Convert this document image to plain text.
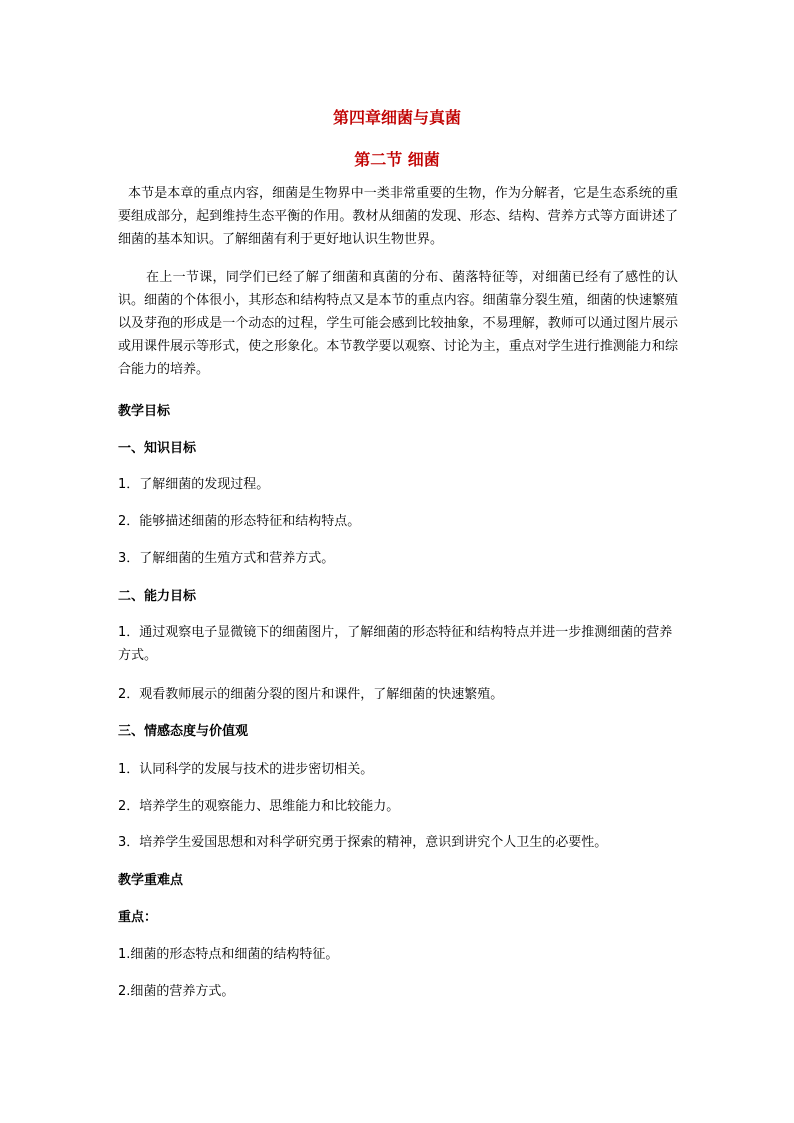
第四章细菌与真菌
第二节 细菌
本节是本章的重点内容，细菌是生物界中一类非常重要的生物，作为分解者，它是生态系统的重要组成部分，起到维持生态平衡的作用。教材从细菌的发现、形态、结构、营养方式等方面讲述了细菌的基本知识。了解细菌有利于更好地认识生物世界。
在上一节课，同学们已经了解了细菌和真菌的分布、菌落特征等，对细菌已经有了感性的认识。细菌的个体很小，其形态和结构特点又是本节的重点内容。细菌靠分裂生殖，细菌的快速繁殖以及芽孢的形成是一个动态的过程，学生可能会感到比较抽象，不易理解，教师可以通过图片展示或用课件展示等形式，使之形象化。本节教学要以观察、讨论为主，重点对学生进行推测能力和综合能力的培养。
教学目标
一、知识目标
1．了解细菌的发现过程。
2．能够描述细菌的形态特征和结构特点。
3．了解细菌的生殖方式和营养方式。
二、能力目标
1．通过观察电子显微镜下的细菌图片，了解细菌的形态特征和结构特点并进一步推测细菌的营养方式。
2．观看教师展示的细菌分裂的图片和课件，了解细菌的快速繁殖。
三、情感态度与价值观
1．认同科学的发展与技术的进步密切相关。
2．培养学生的观察能力、思维能力和比较能力。
3．培养学生爱国思想和对科学研究勇于探索的精神，意识到讲究个人卫生的必要性。
教学重难点
重点：
1.细菌的形态特点和细菌的结构特征。
2.细菌的营养方式。
